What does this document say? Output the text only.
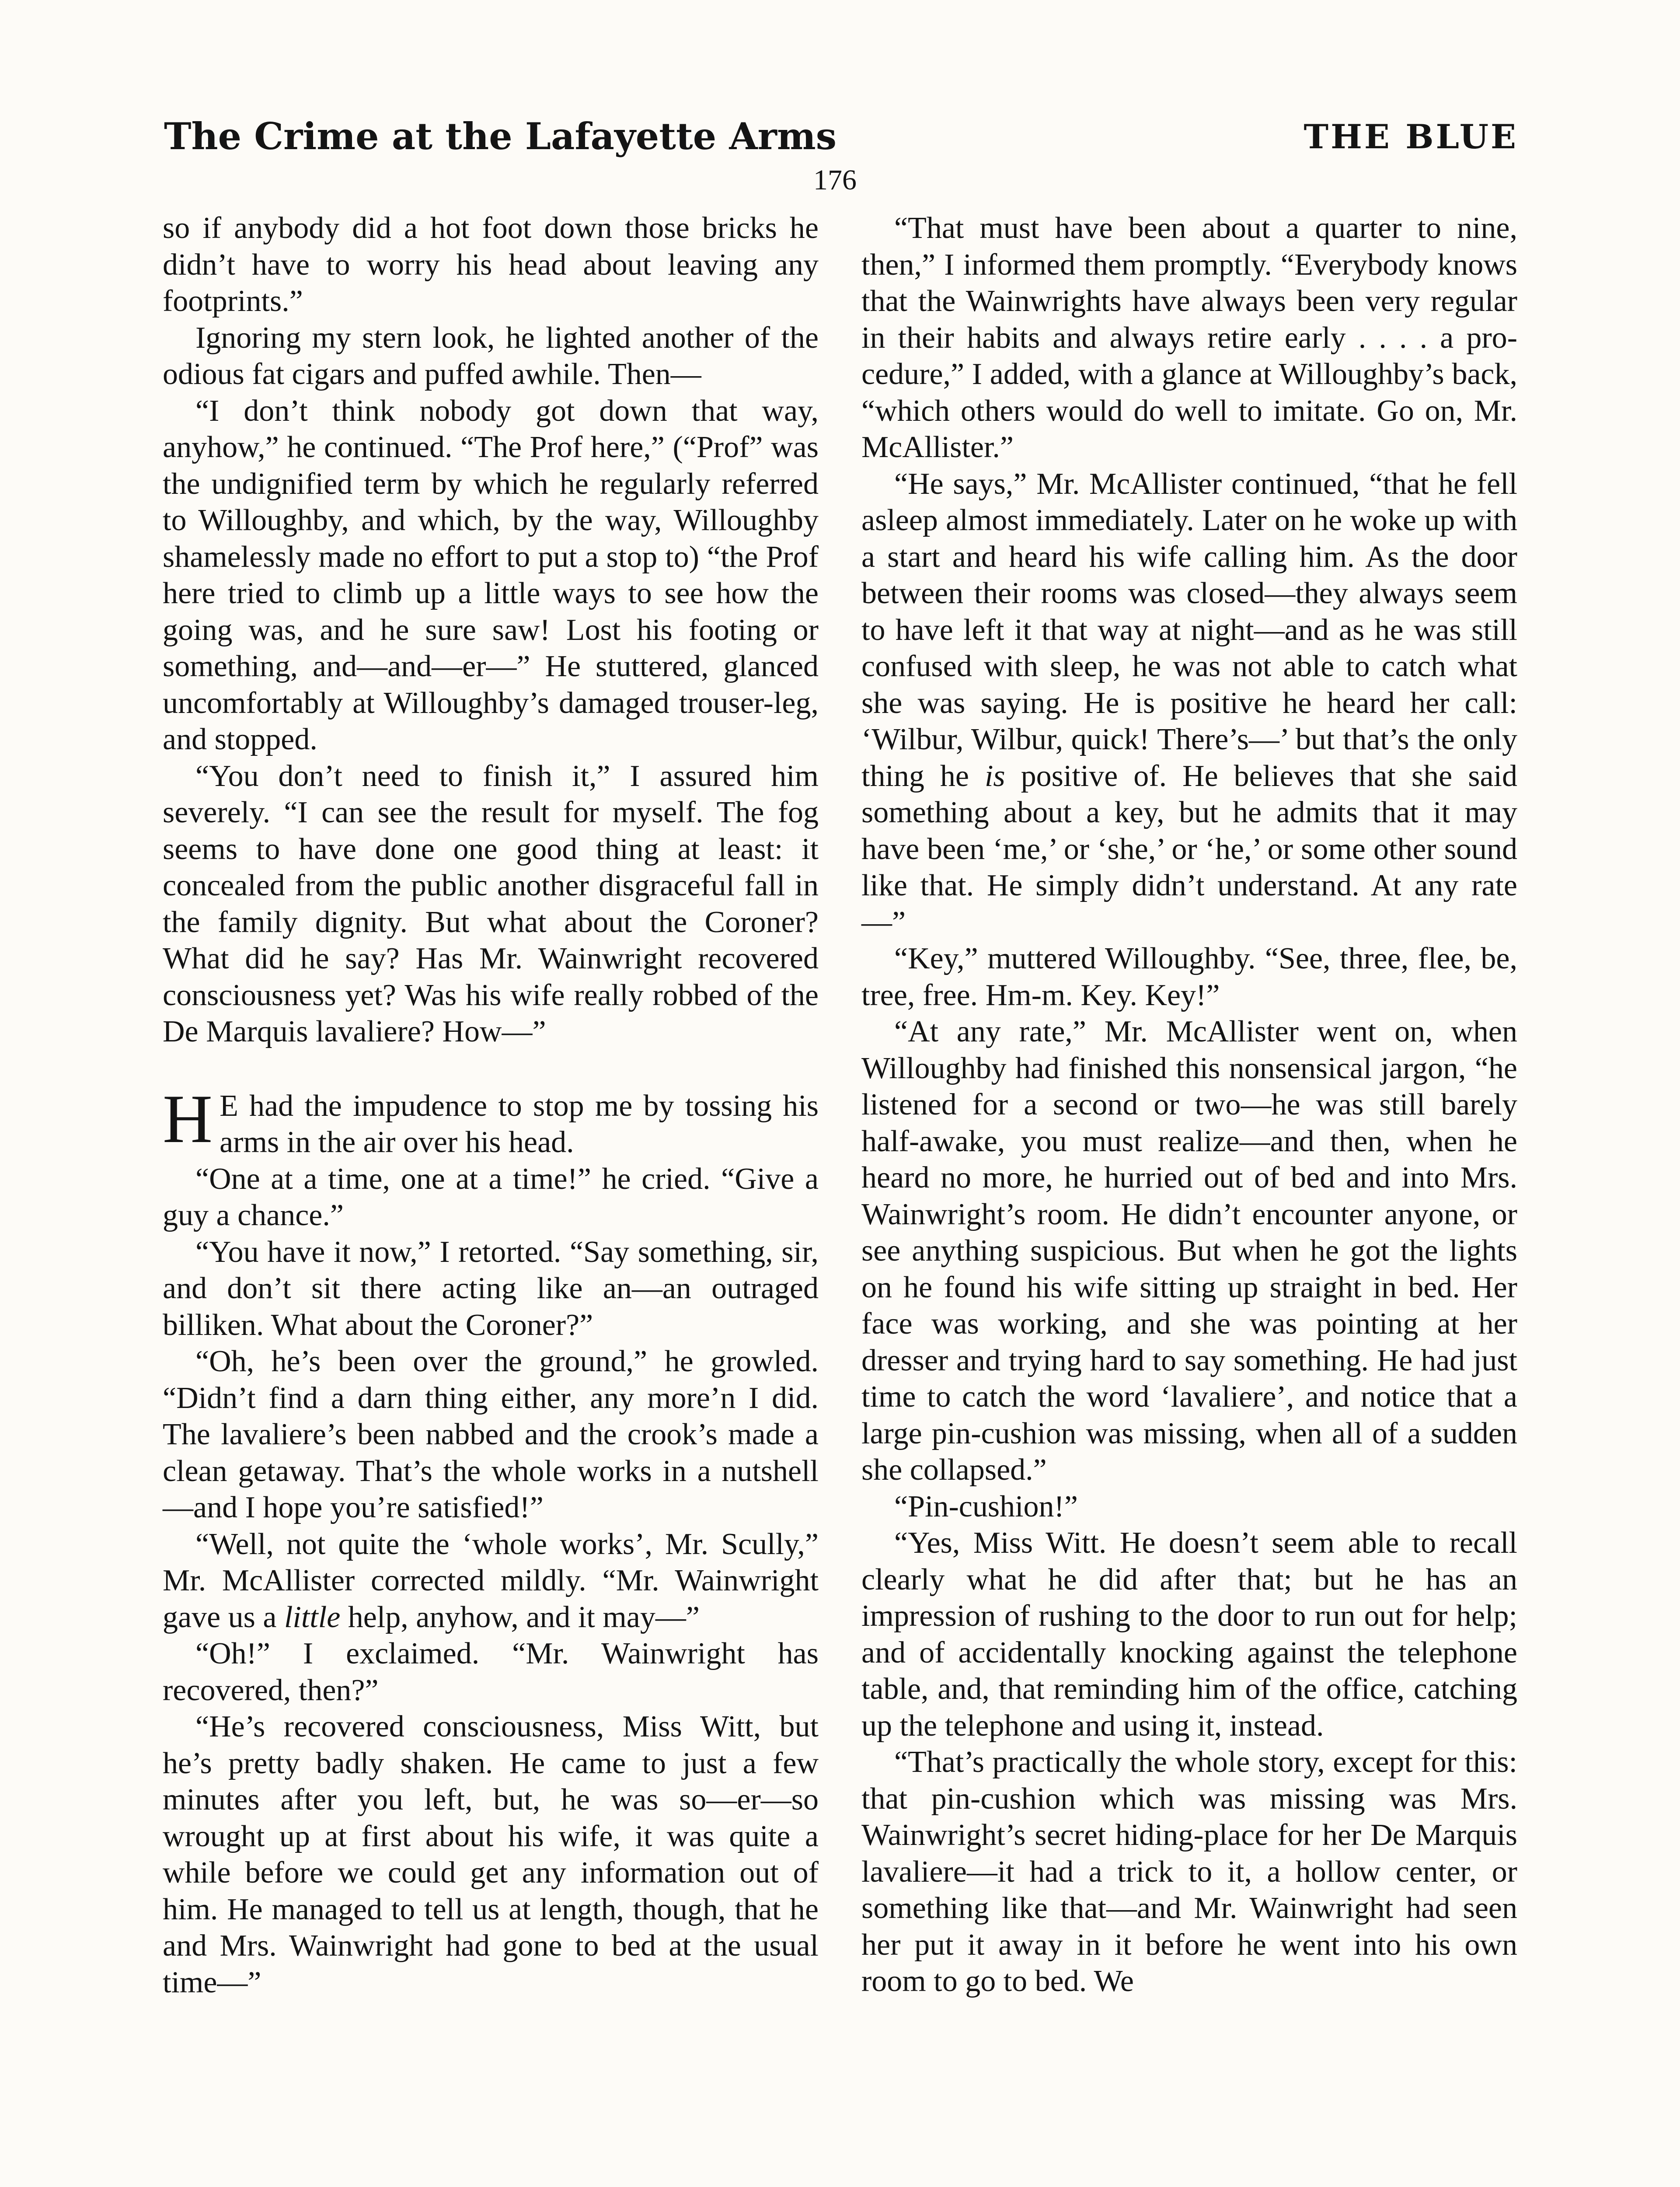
The Crime at the Lafayette Arms	THE BLUE
176

so if anybody did a hot foot down those bricks he didn’t have to worry his head about leaving any footprints.”

Ignoring my stern look, he lighted another of the odious fat cigars and puffed awhile. Then—

“I don’t think nobody got down that way, anyhow,” he continued. “The Prof here,” (“Prof” was the undignified term by which he regularly referred to Willoughby, and which, by the way, Willoughby shamelessly made no effort to put a stop to) “the Prof here tried to climb up a little ways to see how the going was, and he sure saw! Lost his footing or something, and—and—er—” He stuttered, glanced uncomfortably at Willoughby’s damaged trouser-leg, and stopped.

“You don’t need to finish it,” I assured him severely. “I can see the result for myself. The fog seems to have done one good thing at least: it concealed from the public another disgraceful fall in the family dignity. But what about the Coroner? What did he say? Has Mr. Wainwright recovered consciousness yet? Was his wife really robbed of the De Marquis lavaliere? How—”

H E had the impudence to stop me by tossing his arms in the air over his head.

“One at a time, one at a time!” he cried. “Give a guy a chance.”

“You have it now,” I retorted. “Say something, sir, and don’t sit there acting like an—an outraged billiken. What about the Coroner?”

“Oh, he’s been over the ground,” he growled. “Didn’t find a darn thing either, any more’n I did. The lavaliere’s been nabbed and the crook’s made a clean getaway. That’s the whole works in a nutshell—and I hope you’re satisfied!”

“Well, not quite the ‘whole works’, Mr. Scully,” Mr. McAllister corrected mildly. “Mr. Wainwright gave us a little help, anyhow, and it may—”

“Oh!” I exclaimed. “Mr. Wainwright has recovered, then?”

“He’s recovered consciousness, Miss Witt, but he’s pretty badly shaken. He came to just a few minutes after you left, but, he was so—er—so wrought up at first about his wife, it was quite a while before we could get any information out of him. He managed to tell us at length, though, that he and Mrs. Wainwright had gone to bed at the usual time—”

“That must have been about a quarter to nine, then,” I informed them promptly. “Everybody knows that the Wainwrights have always been very regular in their habits and always retire early . . . . a procedure,” I added, with a glance at Willoughby’s back, “which others would do well to imitate. Go on, Mr. McAllister.”

“He says,” Mr. McAllister continued, “that he fell asleep almost immediately. Later on he woke up with a start and heard his wife calling him. As the door between their rooms was closed—they always seem to have left it that way at night—and as he was still confused with sleep, he was not able to catch what she was saying. He is positive he heard her call: ‘Wilbur, Wilbur, quick! There’s—’ but that’s the only thing he is positive of. He believes that she said something about a key, but he admits that it may have been ‘me,’ or ‘she,’ or ‘he,’ or some other sound like that. He simply didn’t understand. At any rate—”

“Key,” muttered Willoughby. “See, three, flee, be, tree, free. Hm-m. Key. Key!”

“At any rate,” Mr. McAllister went on, when Willoughby had finished this nonsensical jargon, “he listened for a second or two—he was still barely half-awake, you must realize—and then, when he heard no more, he hurried out of bed and into Mrs. Wainwright’s room. He didn’t encounter anyone, or see anything suspicious. But when he got the lights on he found his wife sitting up straight in bed. Her face was working, and she was pointing at her dresser and trying hard to say something. He had just time to catch the word ‘lavaliere’, and notice that a large pin-cushion was missing, when all of a sudden she collapsed.”

“Pin-cushion!”

“Yes, Miss Witt. He doesn’t seem able to recall clearly what he did after that; but he has an impression of rushing to the door to run out for help; and of accidentally knocking against the telephone table, and, that reminding him of the office, catching up the telephone and using it, instead.

“That’s practically the whole story, except for this: that pin-cushion which was missing was Mrs. Wainwright’s secret hiding-place for her De Marquis lavaliere—it had a trick to it, a hollow center, or something like that—and Mr. Wainwright had seen her put it away in it before he went into his own room to go to bed. We
